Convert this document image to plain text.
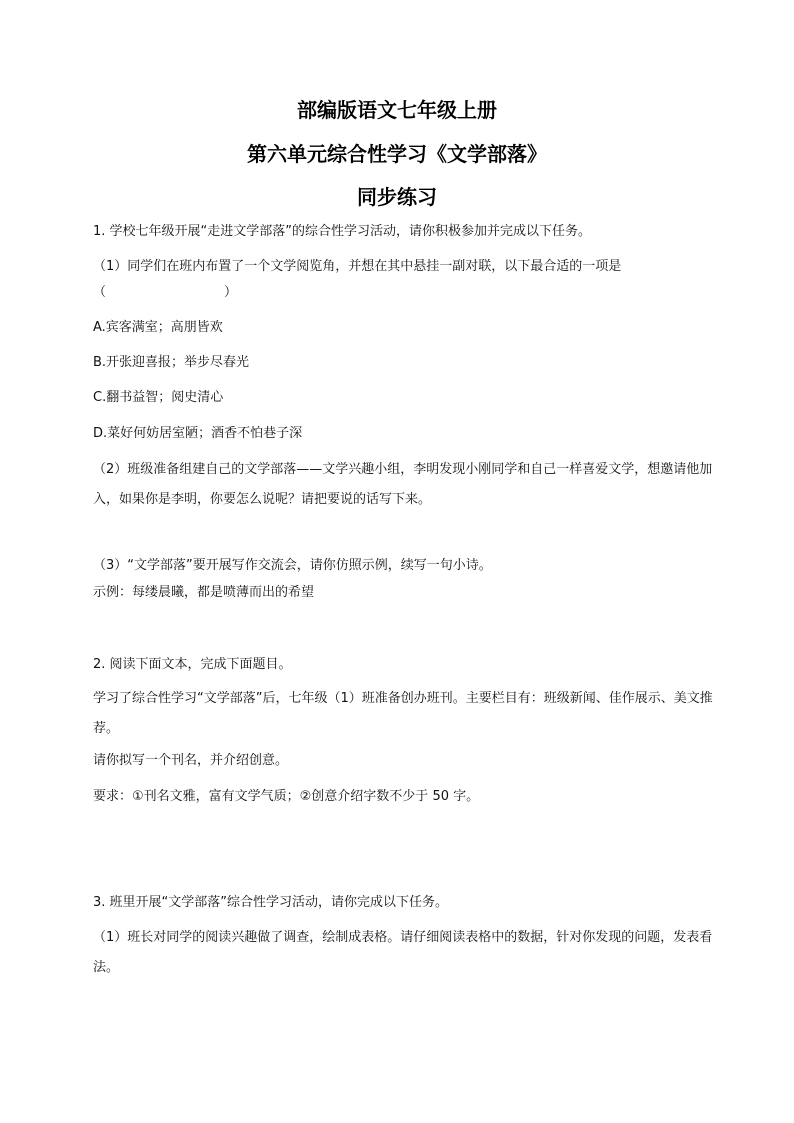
部编版语文七年级上册
第六单元综合性学习《文学部落》
同步练习
1. 学校七年级开展“走进文学部落”的综合性学习活动，请你积极参加并完成以下任务。
（1）同学们在班内布置了一个文学阅览角，并想在其中悬挂一副对联，以下最合适的一项是
（	）
A.宾客满室；高朋皆欢
B.开张迎喜报；举步尽春光
C.翻书益智；阅史清心
D.菜好何妨居室陋；酒香不怕巷子深
（2）班级准备组建自己的文学部落——文学兴趣小组，李明发现小刚同学和自己一样喜爱文学，想邀请他加入，如果你是李明，你要怎么说呢？请把要说的话写下来。
（3）“文学部落”要开展写作交流会，请你仿照示例，续写一句小诗。
示例：每缕晨曦，都是喷薄而出的希望
2. 阅读下面文本，完成下面题目。
学习了综合性学习“文学部落”后，七年级（1）班准备创办班刊。主要栏目有：班级新闻、佳作展示、美文推荐。
请你拟写一个刊名，并介绍创意。
要求：①刊名文雅，富有文学气质；②创意介绍字数不少于 50 字。
3. 班里开展“文学部落”综合性学习活动，请你完成以下任务。
（1）班长对同学的阅读兴趣做了调查，绘制成表格。请仔细阅读表格中的数据，针对你发现的问题，发表看法。
